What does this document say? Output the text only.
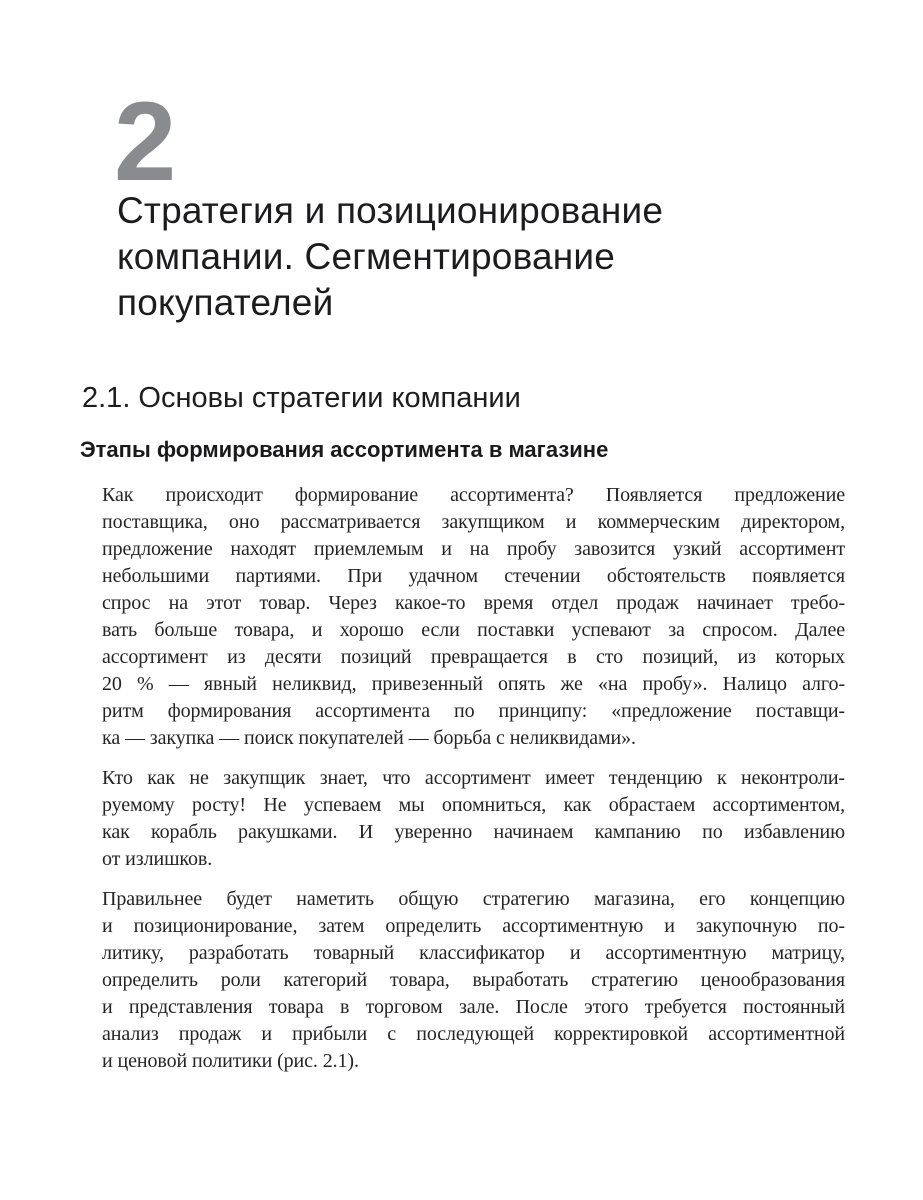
2
Стратегия и позиционирование
компании. Сегментирование
покупателей
2.1. Основы стратегии компании
Этапы формирования ассортимента в магазине
Как происходит формирование ассортимента? Появляется предложение
поставщика, оно рассматривается закупщиком и коммерческим директором,
предложение находят приемлемым и на пробу завозится узкий ассортимент
небольшими партиями. При удачном стечении обстоятельств появляется
спрос на этот товар. Через какое-то время отдел продаж начинает требо-
вать больше товара, и хорошо если поставки успевают за спросом. Далее
ассортимент из десяти позиций превращается в сто позиций, из которых
20 % — явный неликвид, привезенный опять же «на пробу». Налицо алго-
ритм формирования ассортимента по принципу: «предложение поставщи-
ка — закупка — поиск покупателей — борьба с неликвидами».
Кто как не закупщик знает, что ассортимент имеет тенденцию к неконтроли-
руемому росту! Не успеваем мы опомниться, как обрастаем ассортиментом,
как корабль ракушками. И уверенно начинаем кампанию по избавлению
от излишков.
Правильнее будет наметить общую стратегию магазина, его концепцию
и позиционирование, затем определить ассортиментную и закупочную по-
литику, разработать товарный классификатор и ассортиментную матрицу,
определить роли категорий товара, выработать стратегию ценообразования
и представления товара в торговом зале. После этого требуется постоянный
анализ продаж и прибыли с последующей корректировкой ассортиментной
и ценовой политики (рис. 2.1).
